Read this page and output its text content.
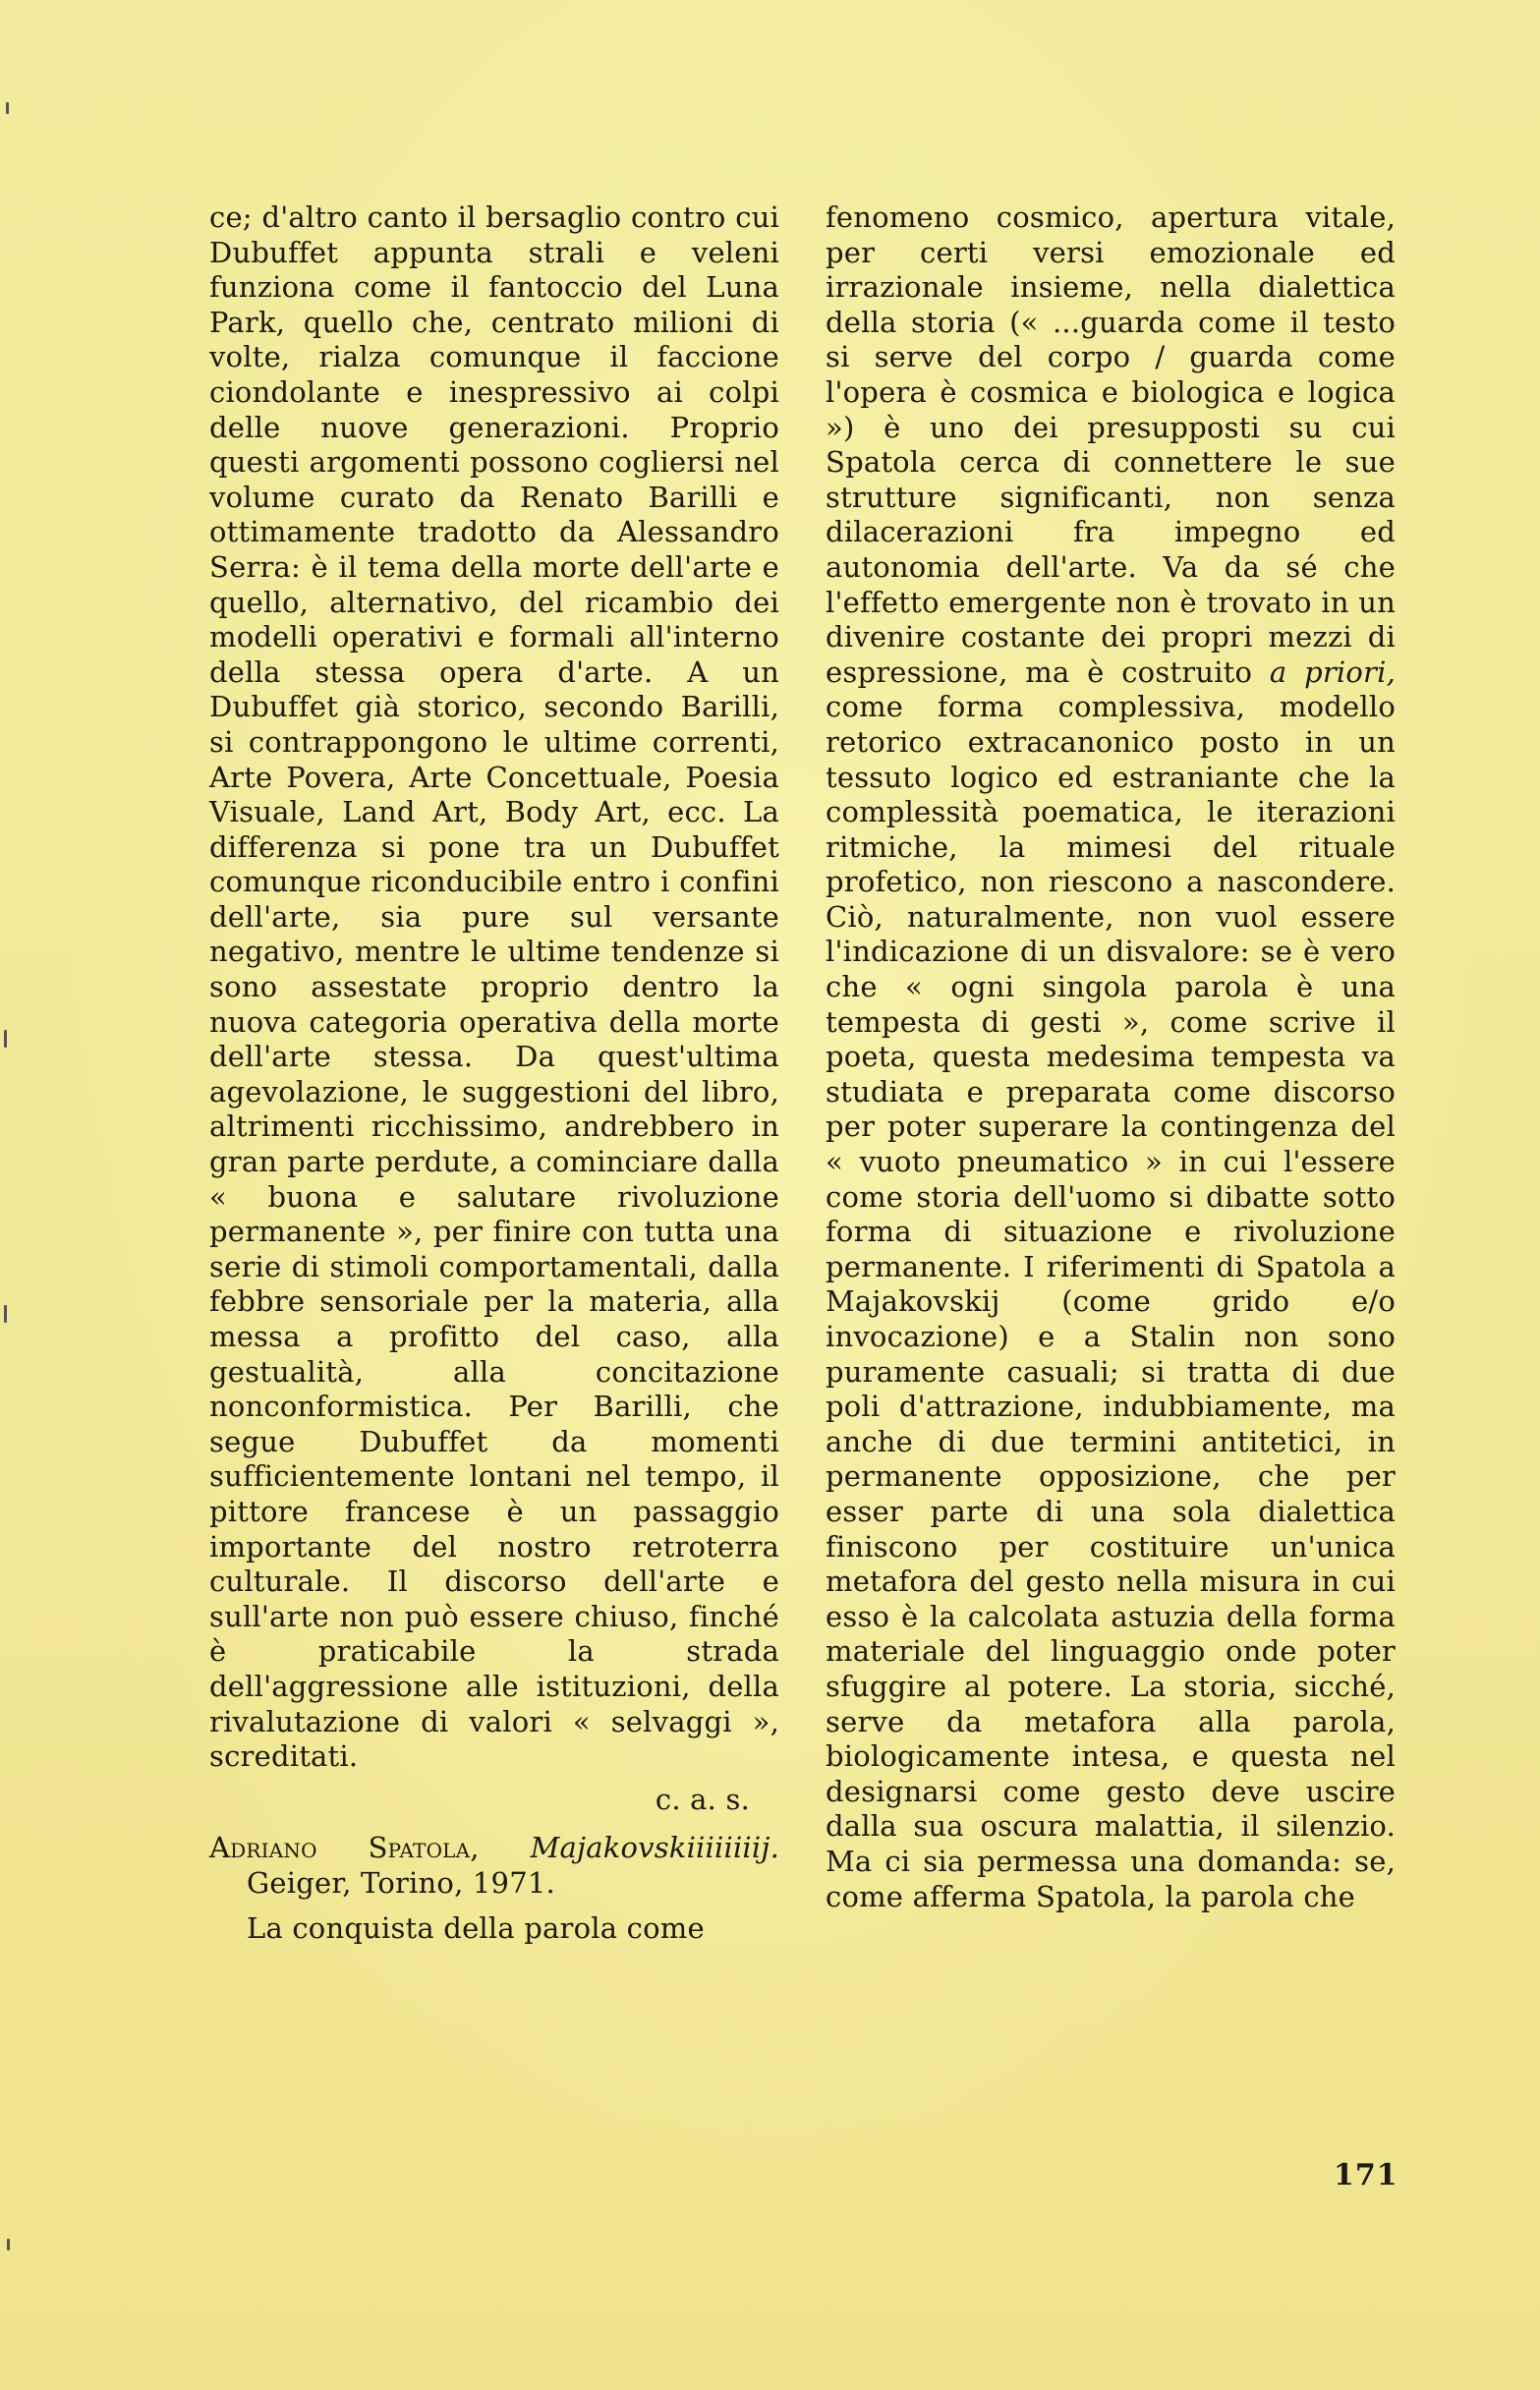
ce; d'altro canto il bersaglio contro cui Dubuffet appunta strali e veleni funziona come il fantoccio del Luna Park, quello che, centrato milioni di volte, rialza comunque il faccione ciondolante e inespressivo ai colpi delle nuove generazioni. Proprio questi argomenti possono cogliersi nel volume curato da Renato Barilli e ottimamente tradotto da Alessandro Serra: è il tema della morte dell'arte e quello, alternativo, del ricambio dei modelli operativi e formali all'interno della stessa opera d'arte. A un Dubuffet già storico, secondo Barilli, si contrappongono le ultime correnti, Arte Povera, Arte Concettuale, Poesia Visuale, Land Art, Body Art, ecc. La differenza si pone tra un Dubuffet comunque riconducibile entro i confini dell'arte, sia pure sul versante negativo, mentre le ultime tendenze si sono assestate proprio dentro la nuova categoria operativa della morte dell'arte stessa. Da quest'ultima agevolazione, le suggestioni del libro, altrimenti ricchissimo, andrebbero in gran parte perdute, a cominciare dalla « buona e salutare rivoluzione permanente », per finire con tutta una serie di stimoli comportamentali, dalla febbre sensoriale per la materia, alla messa a profitto del caso, alla gestualità, alla concitazione nonconformistica. Per Barilli, che segue Dubuffet da momenti sufficientemente lontani nel tempo, il pittore francese è un passaggio importante del nostro retroterra culturale. Il discorso dell'arte e sull'arte non può essere chiuso, finché è praticabile la strada dell'aggressione alle istituzioni, della rivalutazione di valori « selvaggi », screditati.

c. a. s.

Adriano Spatola, Majakovskiiiiiiiij. Geiger, Torino, 1971.

La conquista della parola come

fenomeno cosmico, apertura vitale, per certi versi emozionale ed irrazionale insieme, nella dialettica della storia (« ...guarda come il testo si serve del corpo / guarda come l'opera è cosmica e biologica e logica ») è uno dei presupposti su cui Spatola cerca di connettere le sue strutture significanti, non senza dilacerazioni fra impegno ed autonomia dell'arte. Va da sé che l'effetto emergente non è trovato in un divenire costante dei propri mezzi di espressione, ma è costruito a priori, come forma complessiva, modello retorico extracanonico posto in un tessuto logico ed estraniante che la complessità poematica, le iterazioni ritmiche, la mimesi del rituale profetico, non riescono a nascondere. Ciò, naturalmente, non vuol essere l'indicazione di un disvalore: se è vero che « ogni singola parola è una tempesta di gesti », come scrive il poeta, questa medesima tempesta va studiata e preparata come discorso per poter superare la contingenza del « vuoto pneumatico » in cui l'essere come storia dell'uomo si dibatte sotto forma di situazione e rivoluzione permanente. I riferimenti di Spatola a Majakovskij (come grido e/o invocazione) e a Stalin non sono puramente casuali; si tratta di due poli d'attrazione, indubbiamente, ma anche di due termini antitetici, in permanente opposizione, che per esser parte di una sola dialettica finiscono per costituire un'unica metafora del gesto nella misura in cui esso è la calcolata astuzia della forma materiale del linguaggio onde poter sfuggire al potere. La storia, sicché, serve da metafora alla parola, biologicamente intesa, e questa nel designarsi come gesto deve uscire dalla sua oscura malattia, il silenzio. Ma ci sia permessa una domanda: se, come afferma Spatola, la parola che

171
